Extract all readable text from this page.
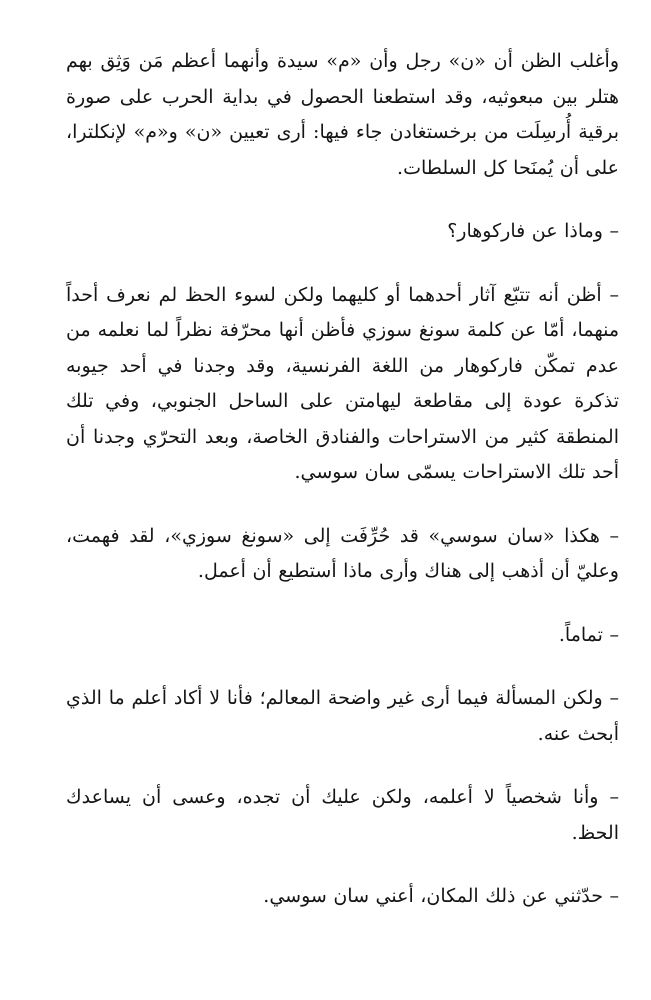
وأغلب الظن أن «ن» رجل وأن «م» سيدة وأنهما أعظم مَن وَثِق بهم هتلر بين مبعوثيه، وقد استطعنا الحصول في بداية الحرب على صورة برقية أُرسِلَت من برخستغادن جاء فيها: أرى تعيين «ن» و«م» لإنكلترا، على أن يُمنَحا كل السلطات.

– وماذا عن فاركوهار؟

– أظن أنه تتبّع آثار أحدهما أو كليهما ولكن لسوء الحظ لم نعرف أحداً منهما، أمّا عن كلمة سونغ سوزي فأظن أنها محرّفة نظراً لما نعلمه من عدم تمكّن فاركوهار من اللغة الفرنسية، وقد وجدنا في أحد جيوبه تذكرة عودة إلى مقاطعة ليهامتن على الساحل الجنوبي، وفي تلك المنطقة كثير من الاستراحات والفنادق الخاصة، وبعد التحرّي وجدنا أن أحد تلك الاستراحات يسمّى سان سوسي.

– هكذا «سان سوسي» قد حُرِّفَت إلى «سونغ سوزي»، لقد فهمت، وعليّ أن أذهب إلى هناك وأرى ماذا أستطيع أن أعمل.

– تماماً.

– ولكن المسألة فيما أرى غير واضحة المعالم؛ فأنا لا أكاد أعلم ما الذي أبحث عنه.

– وأنا شخصياً لا أعلمه، ولكن عليك أن تجده، وعسى أن يساعدك الحظ.

– حدّثني عن ذلك المكان، أعني سان سوسي.
